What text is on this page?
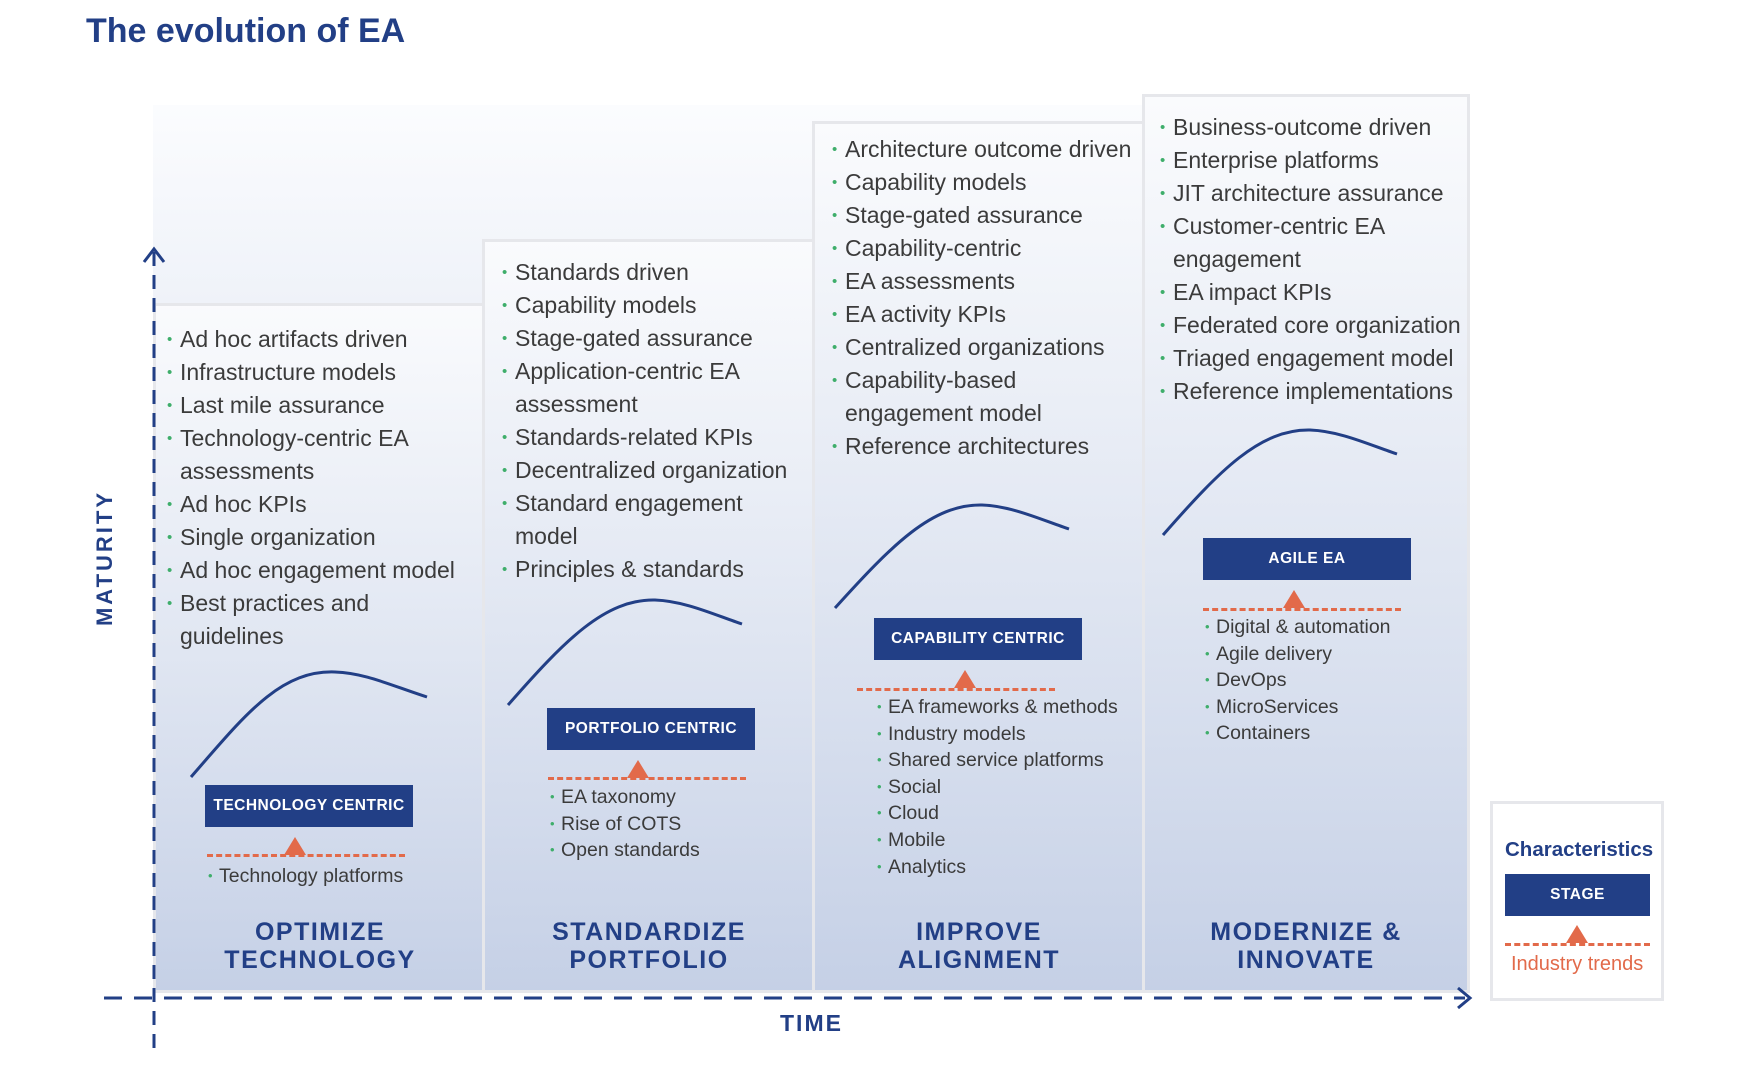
The evolution of EA
• Ad hoc artifacts driven
• Infrastructure models
• Last mile assurance
• Technology-centric EA assessments
• Ad hoc KPIs
• Single organization
• Ad hoc engagement model
• Best practices and guidelines
TECHNOLOGY CENTRIC
• Technology platforms
OPTIMIZE
TECHNOLOGY
• Standards driven
• Capability models
• Stage-gated assurance
• Application-centric EA assessment
• Standards-related KPIs
• Decentralized organization
• Standard engagement model
• Principles & standards
PORTFOLIO CENTRIC
• EA taxonomy
• Rise of COTS
• Open standards
STANDARDIZE
PORTFOLIO
• Architecture outcome driven
• Capability models
• Stage-gated assurance
• Capability-centric
• EA assessments
• EA activity KPIs
• Centralized organizations
• Capability-based engagement model
• Reference architectures
CAPABILITY CENTRIC
• EA frameworks & methods
• Industry models
• Shared service platforms
• Social
• Cloud
• Mobile
• Analytics
IMPROVE
ALIGNMENT
• Business-outcome driven
• Enterprise platforms
• JIT architecture assurance
• Customer-centric EA engagement
• EA impact KPIs
• Federated core organization
• Triaged engagement model
• Reference implementations
AGILE EA
• Digital & automation
• Agile delivery
• DevOps
• MicroServices
• Containers
MODERNIZE &
INNOVATE
MATURITY
TIME
Characteristics
STAGE
Industry trends
